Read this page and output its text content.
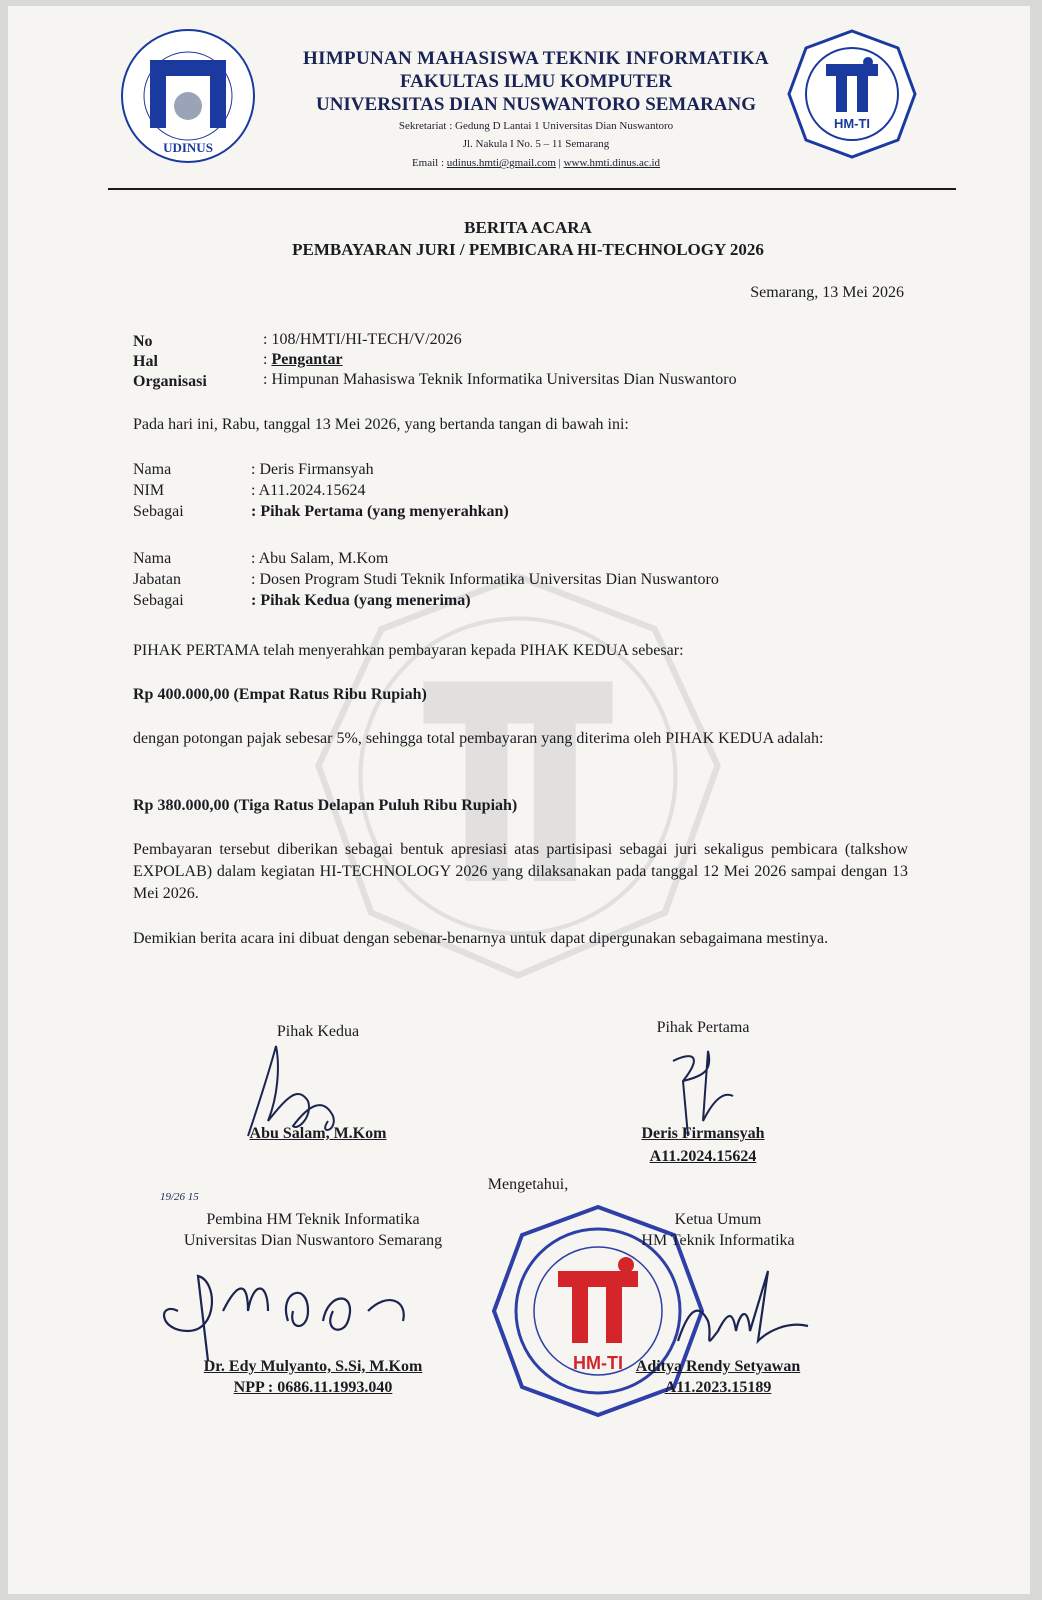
UDINUS
HM-TI
HIMPUNAN MAHASISWA TEKNIK INFORMATIKA
FAKULTAS ILMU KOMPUTER
UNIVERSITAS DIAN NUSWANTORO SEMARANG
Sekretariat : Gedung D Lantai 1 Universitas Dian Nuswantoro
Jl. Nakula I No. 5 – 11 Semarang
Email : udinus.hmti@gmail.com | www.hmti.dinus.ac.id
BERITA ACARA
PEMBAYARAN JURI / PEMBICARA HI-TECHNOLOGY 2026
Semarang, 13 Mei 2026
No	: 108/HMTI/HI-TECH/V/2026
Hal	: Pengantar
Organisasi	: Himpunan Mahasiswa Teknik Informatika Universitas Dian Nuswantoro
Pada hari ini, Rabu, tanggal 13 Mei 2026, yang bertanda tangan di bawah ini:
Nama	: Deris Firmansyah
NIM	: A11.2024.15624
Sebagai	: Pihak Pertama (yang menyerahkan)
Nama	: Abu Salam, M.Kom
Jabatan	: Dosen Program Studi Teknik Informatika Universitas Dian Nuswantoro
Sebagai	: Pihak Kedua (yang menerima)
PIHAK PERTAMA telah menyerahkan pembayaran kepada PIHAK KEDUA sebesar:
Rp 400.000,00 (Empat Ratus Ribu Rupiah)
dengan potongan pajak sebesar 5%, sehingga total pembayaran yang diterima oleh PIHAK KEDUA adalah:
Rp 380.000,00 (Tiga Ratus Delapan Puluh Ribu Rupiah)
Pembayaran tersebut diberikan sebagai bentuk apresiasi atas partisipasi sebagai juri sekaligus pembicara (talkshow EXPOLAB) dalam kegiatan HI-TECHNOLOGY 2026 yang dilaksanakan pada tanggal 12 Mei 2026 sampai dengan 13 Mei 2026.
Demikian berita acara ini dibuat dengan sebenar-benarnya untuk dapat dipergunakan sebagaimana mestinya.
Pihak Kedua
Abu Salam, M.Kom
Pihak Pertama
Deris Firmansyah
A11.2024.15624
Mengetahui,
19/26 15
Pembina HM Teknik Informatika
Universitas Dian Nuswantoro Semarang
Dr. Edy Mulyanto, S.Si, M.Kom
NPP : 0686.11.1993.040
HM-TI
Ketua Umum
HM Teknik Informatika
Aditya Rendy Setyawan
A11.2023.15189
